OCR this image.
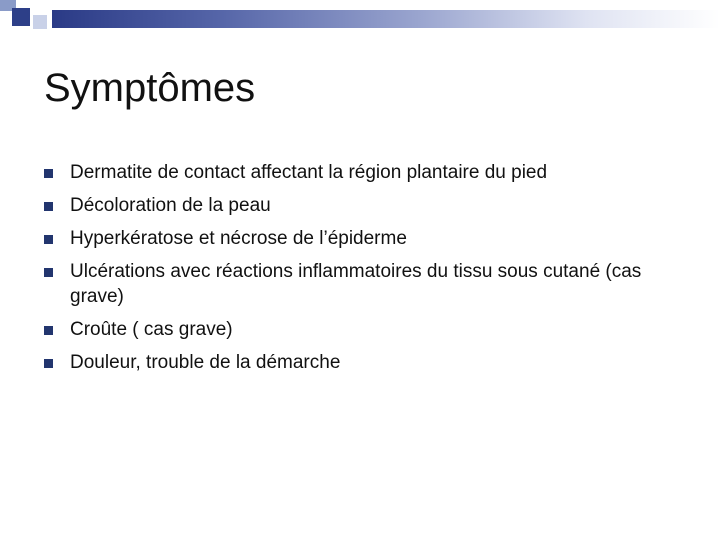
Symptômes
Dermatite de contact affectant la région plantaire du pied
Décoloration de la peau
Hyperkératose et nécrose de l’épiderme
Ulcérations avec réactions inflammatoires du tissu sous cutané (cas grave)
Croûte ( cas grave)
Douleur, trouble de la démarche
